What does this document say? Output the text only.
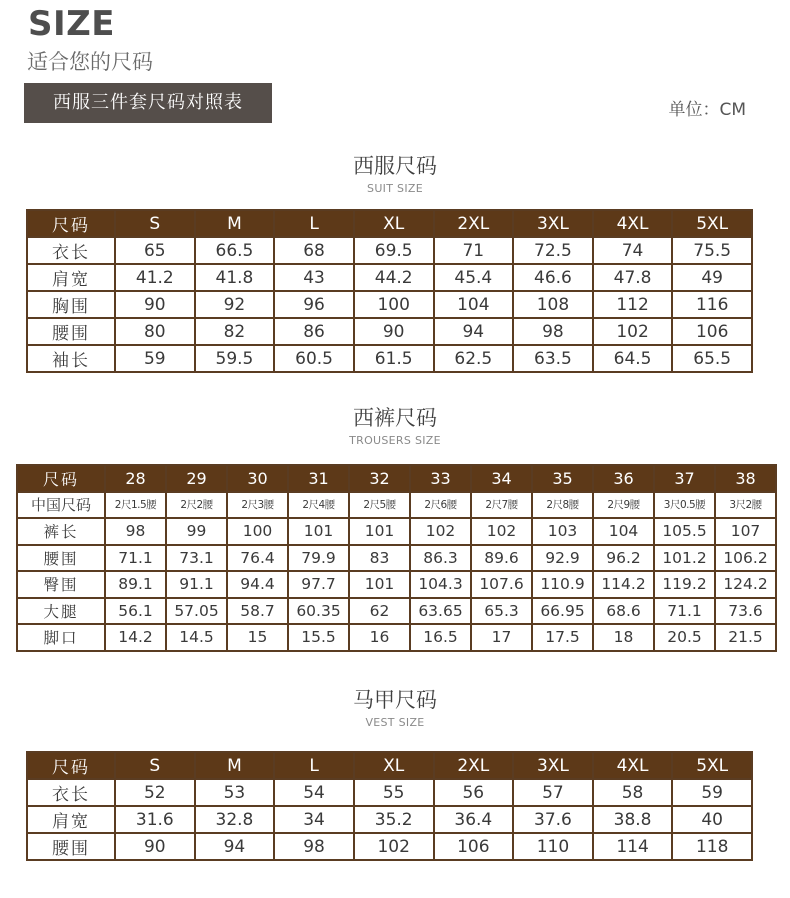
SIZE
适合您的尺码
西服三件套尺码对照表	单位：CM
西服尺码
SUIT SIZE
尺码	S	M	L	XL	2XL	3XL	4XL	5XL
衣长	65	66.5	68	69.5	71	72.5	74	75.5
肩宽	41.2	41.8	43	44.2	45.4	46.6	47.8	49
胸围	90	92	96	100	104	108	112	116
腰围	80	82	86	90	94	98	102	106
袖长	59	59.5	60.5	61.5	62.5	63.5	64.5	65.5
西裤尺码
TROUSERS SIZE
尺码	28	29	30	31	32	33	34	35	36	37	38
中国尺码	2尺1.5腰	2尺2腰	2尺3腰	2尺4腰	2尺5腰	2尺6腰	2尺7腰	2尺8腰	2尺9腰	3尺0.5腰	3尺2腰
裤长	98	99	100	101	101	102	102	103	104	105.5	107
腰围	71.1	73.1	76.4	79.9	83	86.3	89.6	92.9	96.2	101.2	106.2
臀围	89.1	91.1	94.4	97.7	101	104.3	107.6	110.9	114.2	119.2	124.2
大腿	56.1	57.05	58.7	60.35	62	63.65	65.3	66.95	68.6	71.1	73.6
脚口	14.2	14.5	15	15.5	16	16.5	17	17.5	18	20.5	21.5
马甲尺码
VEST SIZE
尺码	S	M	L	XL	2XL	3XL	4XL	5XL
衣长	52	53	54	55	56	57	58	59
肩宽	31.6	32.8	34	35.2	36.4	37.6	38.8	40
腰围	90	94	98	102	106	110	114	118
